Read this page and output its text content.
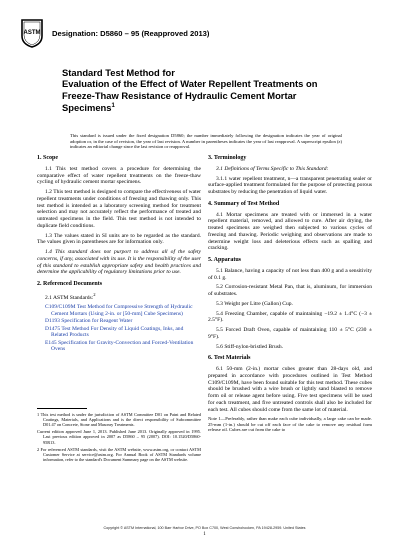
ASTM Designation: D5860 – 95 (Reapproved 2013)
Standard Test Method for
Evaluation of the Effect of Water Repellent Treatments on
Freeze-Thaw Resistance of Hydraulic Cement Mortar
Specimens$^1$
This standard is issued under the fixed designation D5860; the number immediately following the designation indicates the year of original adoption or, in the case of revision, the year of last revision. A number in parentheses indicates the year of last reapproval. A superscript epsilon (ε) indicates an editorial change since the last revision or reapproval.
1. Scope
1.1 This test method covers a procedure for determining the comparative effect of water repellent treatments on the freeze-thaw cycling of hydraulic cement mortar specimens.
1.2 This test method is designed to compare the effectiveness of water repellent treatments under conditions of freezing and thawing only. This test method is intended as a laboratory screening method for treatment selection and may not accurately reflect the performance of treated and untreated specimens in the field. This test method is not intended to duplicate field conditions.
1.3 The values stated in SI units are to be regarded as the standard. The values given in parentheses are for information only.
1.4 This standard does not purport to address all of the safety concerns, if any, associated with its use. It is the responsibility of the user of this standard to establish appropriate safety and health practices and determine the applicability of regulatory limitations prior to use.
2. Referenced Documents
2.1 ASTM Standards:$^2$
C109/C109M Test Method for Compressive Strength of Hydraulic Cement Mortars (Using 2-in. or [50-mm] Cube Specimens)
D1193 Specification for Reagent Water
D1475 Test Method For Density of Liquid Coatings, Inks, and Related Products
E145 Specification for Gravity-Convection and Forced-Ventilation Ovens
1 This test method is under the jurisdiction of ASTM Committee D01 on Paint and Related Coatings, Materials, and Applications and is the direct responsibility of Subcommittee D01.47 on Concrete, Stone and Masonry Treatments.
Current edition approved June 1, 2013. Published June 2013. Originally approved in 1995. Last previous edition approved in 2007 as D5860 – 95 (2007). DOI: 10.1520/D5860-95R13.
2 For referenced ASTM standards, visit the ASTM website, www.astm.org, or contact ASTM Customer Service at service@astm.org. For Annual Book of ASTM Standards volume information, refer to the standard's Document Summary page on the ASTM website.
3. Terminology
3.1 Definitions of Terms Specific to This Standard:
3.1.1 water repellent treatment, n—a transparent penetrating sealer or surface-applied treatment formulated for the purpose of protecting porous substrates by reducing the penetration of liquid water.
4. Summary of Test Method
4.1 Mortar specimens are treated with or immersed in a water repellent material, removed, and allowed to cure. After air drying, the treated specimens are weighed then subjected to various cycles of freezing and thawing. Periodic weighing and observations are made to determine weight loss and deleterious effects such as spalling and cracking.
5. Apparatus
5.1 Balance, having a capacity of not less than 400 g and a sensitivity of 0.1 g.
5.2 Corrosion-resistant Metal Pan, that is, aluminum, for immersion of substrates.
5.3 Weight per Litre (Gallon) Cup.
5.4 Freezing Chamber, capable of maintaining −19.2 ± 1.4°C (−3 ± 2.5°F).
5.5 Forced Draft Oven, capable of maintaining 110 ± 5°C (230 ± 9°F).
5.6 Stiff-nylon-bristled Brush.
6. Test Materials
6.1 50-mm (2-in.) mortar cubes greater than 28-days old, and prepared in accordance with procedures outlined in Test Method C109/C109M, have been found suitable for this test method. These cubes should be brushed with a wire brush or lightly sand blasted to remove form oil or release agent before using. Five test specimens will be used for each treatment, and five untreated controls shall also be included for each test. All cubes should come from the same lot of material.
Note 1—Preferably, rather than make each cube individually, a large cake can be made. 25-mm (1-in.) should be cut off each face of the cake to remove any residual form release oil. Cubes are cut from the cake to
Copyright © ASTM International, 100 Barr Harbor Drive, PO Box C700, West Conshohocken, PA 19428-2959. United States
1
